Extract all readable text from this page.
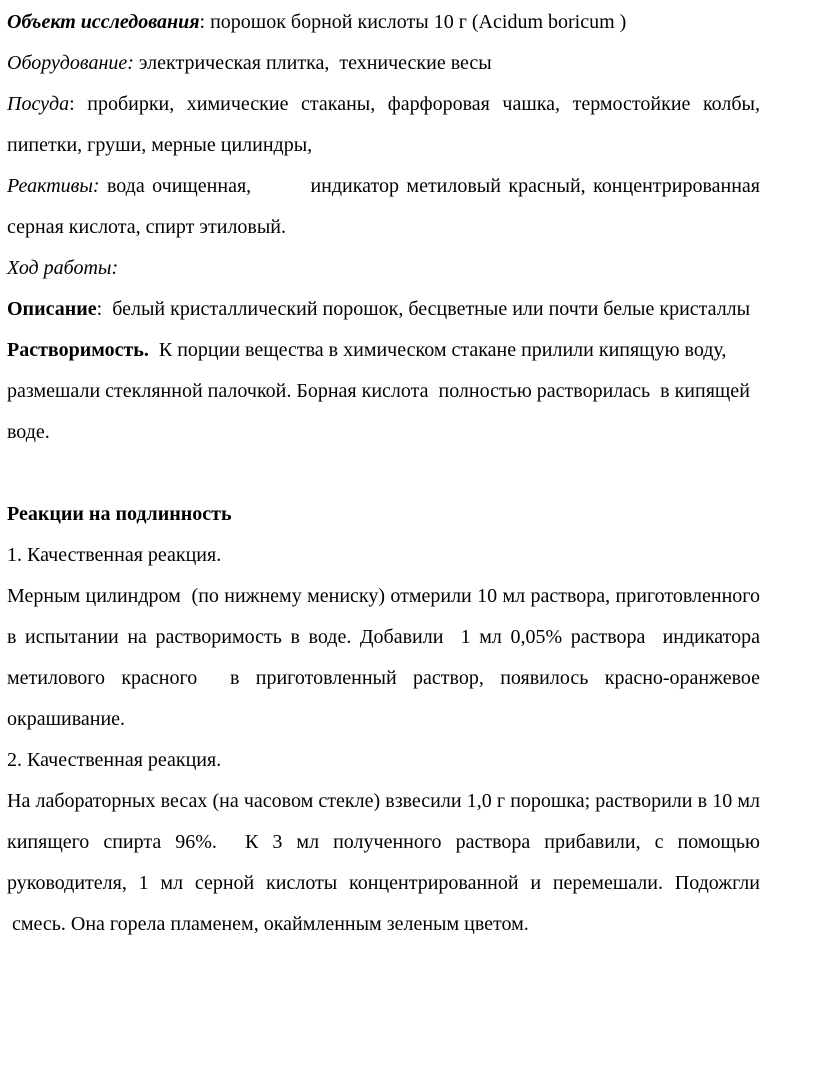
Объект исследования: порошок борной кислоты 10 г (Acidum boricum )

Оборудование: электрическая плитка,  технические весы

Посуда: пробирки, химические стаканы, фарфоровая чашка, термостойкие колбы, пипетки, груши, мерные цилиндры,

Реактивы: вода очищенная,        индикатор метиловый красный, концентрированная серная кислота, спирт этиловый.

Ход работы:

Описание:  белый кристаллический порошок, бесцветные или почти белые кристаллы

Растворимость.  К порции вещества в химическом стакане прилили кипящую воду, размешали стеклянной палочкой. Борная кислота  полностью растворилась  в кипящей воде.

Реакции на подлинность

1. Качественная реакция.

Мерным цилиндром  (по нижнему мениску) отмерили 10 мл раствора, приготовленного в испытании на растворимость в воде. Добавили  1 мл 0,05% раствора  индикатора метилового красного  в приготовленный раствор, появилось красно-оранжевое окрашивание.

2. Качественная реакция.

На лабораторных весах (на часовом стекле) взвесили 1,0 г порошка; растворили в 10 мл кипящего спирта 96%.  К 3 мл полученного раствора прибавили, с помощью руководителя, 1 мл серной кислоты концентрированной и перемешали. Подожгли  смесь. Она горела пламенем, окаймленным зеленым цветом.
